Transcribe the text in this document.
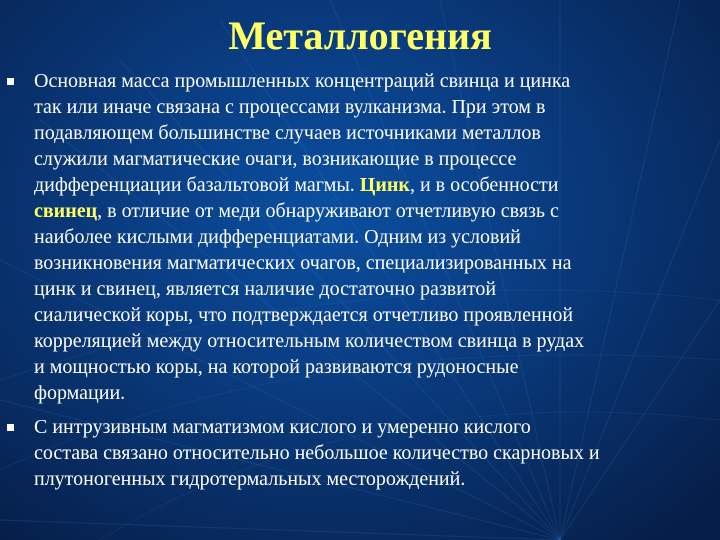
Металлогения
Основная масса промышленных концентраций свинца и цинка
так или иначе связана с процессами вулканизма. При этом в
подавляющем большинстве случаев источниками металлов
служили магматические очаги, возникающие в процессе
дифференциации базальтовой магмы. Цинк, и в особенности
свинец, в отличие от меди обнаруживают отчетливую связь с
наиболее кислыми дифференциатами. Одним из условий
возникновения магматических очагов, специализированных на
цинк и свинец, является наличие достаточно развитой
сиалической коры, что подтверждается отчетливо проявленной
корреляцией между относительным количеством свинца в рудах
и мощностью коры, на которой развиваются рудоносные
формации.
С интрузивным магматизмом кислого и умеренно кислого
состава связано относительно небольшое количество скарновых и
плутоногенных гидротермальных месторождений.
